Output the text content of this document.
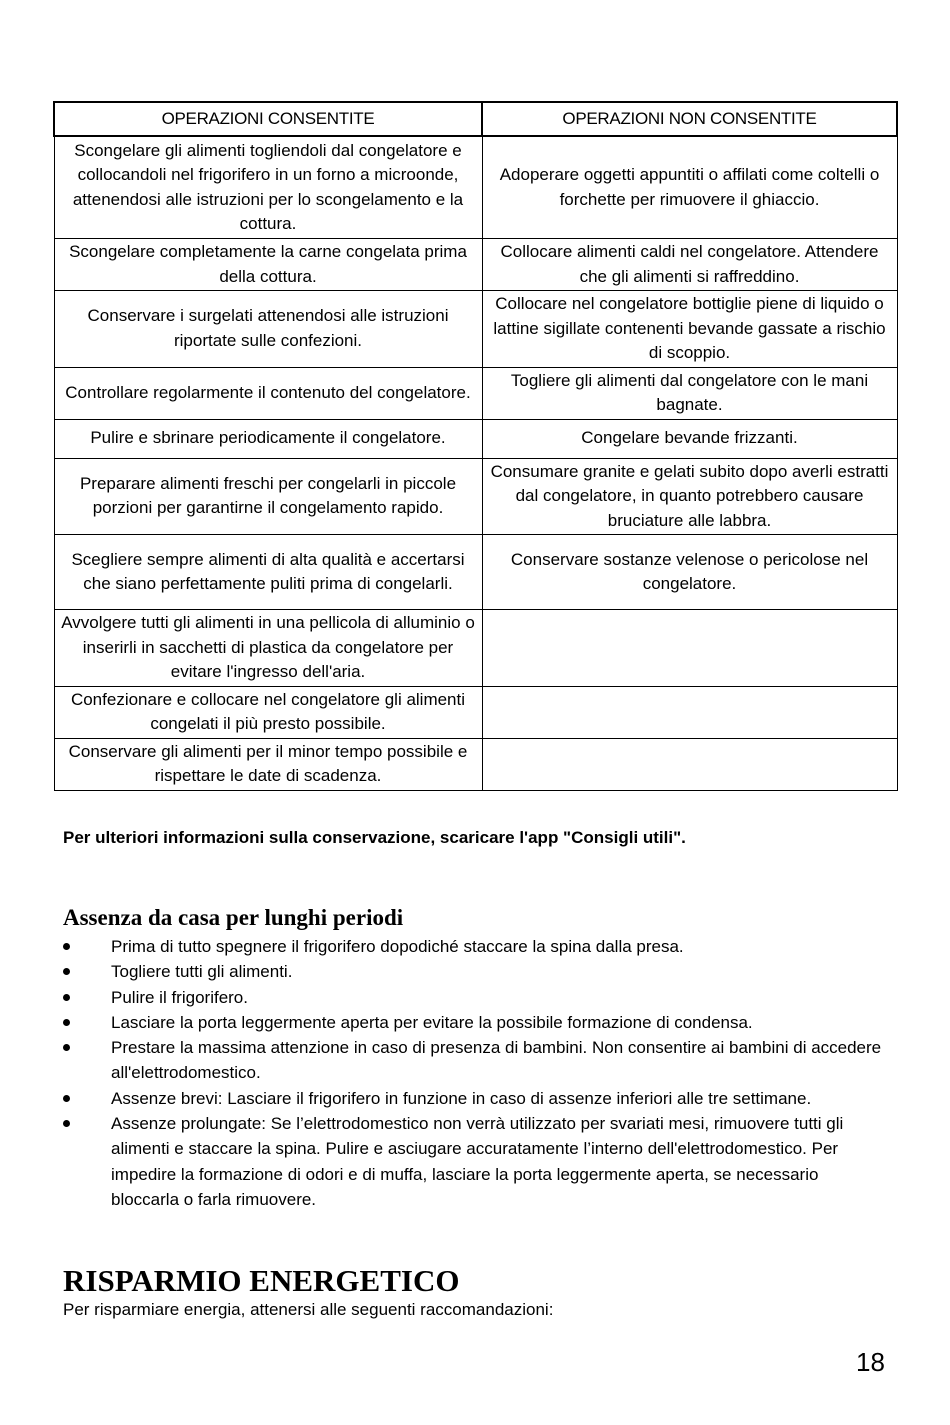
OPERAZIONI CONSENTITE	OPERAZIONI NON CONSENTITE
Scongelare gli alimenti togliendoli dal congelatore e collocandoli nel frigorifero in un forno a microonde, attenendosi alle istruzioni per lo scongelamento e la cottura.	Adoperare oggetti appuntiti o affilati come coltelli o forchette per rimuovere il ghiaccio.
Scongelare completamente la carne congelata prima della cottura.	Collocare alimenti caldi nel congelatore. Attendere che gli alimenti si raffreddino.
Conservare i surgelati attenendosi alle istruzioni riportate sulle confezioni.	Collocare nel congelatore bottiglie piene di liquido o lattine sigillate contenenti bevande gassate a rischio di scoppio.
Controllare regolarmente il contenuto del congelatore.	Togliere gli alimenti dal congelatore con le mani bagnate.
Pulire e sbrinare periodicamente il congelatore.	Congelare bevande frizzanti.
Preparare alimenti freschi per congelarli in piccole porzioni per garantirne il congelamento rapido.	Consumare granite e gelati subito dopo averli estratti dal congelatore, in quanto potrebbero causare bruciature alle labbra.
Scegliere sempre alimenti di alta qualità e accertarsi che siano perfettamente puliti prima di congelarli.	Conservare sostanze velenose o pericolose nel congelatore.
Avvolgere tutti gli alimenti in una pellicola di alluminio o inserirli in sacchetti di plastica da congelatore per evitare l'ingresso dell'aria.	
Confezionare e collocare nel congelatore gli alimenti congelati il più presto possibile.	
Conservare gli alimenti per il minor tempo possibile e rispettare le date di scadenza.	
Per ulteriori informazioni sulla conservazione, scaricare l'app "Consigli utili".
Assenza da casa per lunghi periodi
Prima di tutto spegnere il frigorifero dopodiché staccare la spina dalla presa.
Togliere tutti gli alimenti.
Pulire il frigorifero.
Lasciare la porta leggermente aperta per evitare la possibile formazione di condensa.
Prestare la massima attenzione in caso di presenza di bambini. Non consentire ai bambini di accedere all'elettrodomestico.
Assenze brevi: Lasciare il frigorifero in funzione in caso di assenze inferiori alle tre settimane.
Assenze prolungate: Se l’elettrodomestico non verrà utilizzato per svariati mesi, rimuovere tutti gli alimenti e staccare la spina. Pulire e asciugare accuratamente l’interno dell'elettrodomestico. Per impedire la formazione di odori e di muffa, lasciare la porta leggermente aperta, se necessario bloccarla o farla rimuovere.
RISPARMIO ENERGETICO
Per risparmiare energia, attenersi alle seguenti raccomandazioni:
18
